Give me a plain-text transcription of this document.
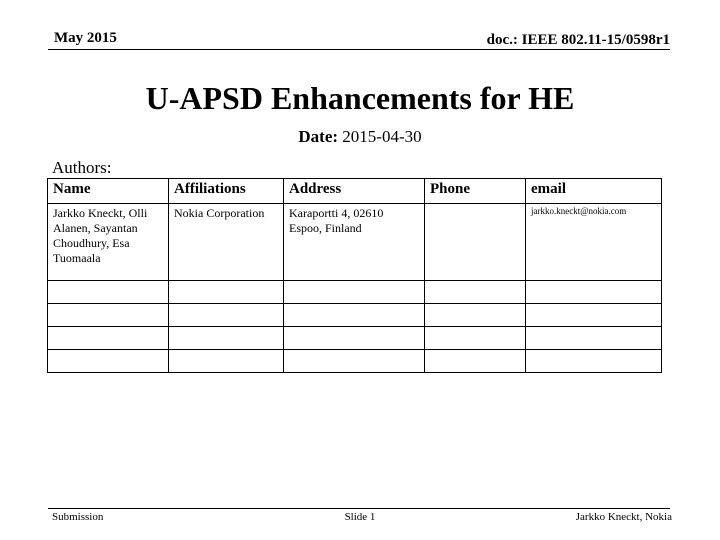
May 2015	doc.: IEEE 802.11-15/0598r1
U-APSD Enhancements for HE
Date: 2015-04-30
Authors:
Name	Affiliations	Address	Phone	email
Jarkko Kneckt, Olli Alanen, Sayantan Choudhury, Esa Tuomaala	Nokia Corporation	Karaportti 4, 02610 Espoo, Finland		jarkko.kneckt@nokia.com

Submission	Slide 1	Jarkko Kneckt, Nokia
